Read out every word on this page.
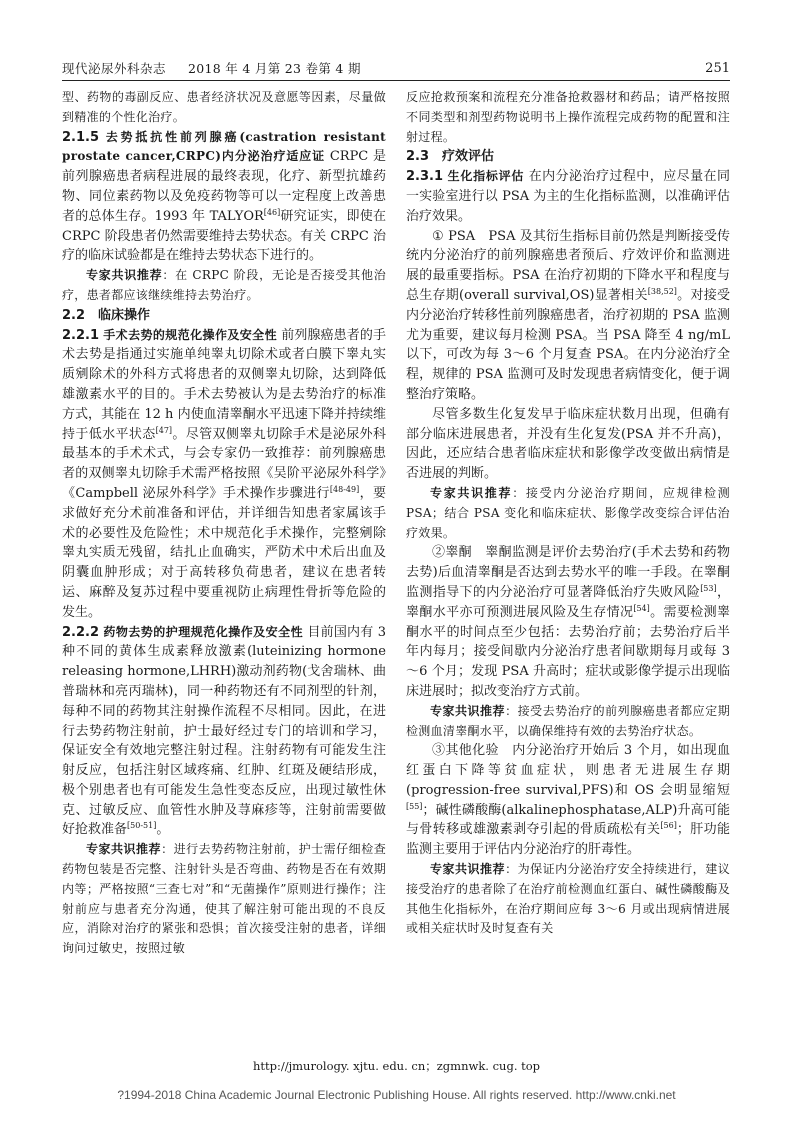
现代泌尿外科杂志 2018 年 4 月第 23 卷第 4 期	251

型、药物的毒副反应、患者经济状况及意愿等因素，尽量做到精准的个性化治疗。

2.1.5 去势抵抗性前列腺癌(castration resistant prostate cancer,CRPC)内分泌治疗适应证 CRPC 是前列腺癌患者病程进展的最终表现，化疗、新型抗雄药物、同位素药物以及免疫药物等可以一定程度上改善患者的总体生存。1993 年 TALYOR[46]研究证实，即使在 CRPC 阶段患者仍然需要维持去势状态。有关 CRPC 治疗的临床试验都是在维持去势状态下进行的。

专家共识推荐：在 CRPC 阶段，无论是否接受其他治疗，患者都应该继续维持去势治疗。

2.2　临床操作

2.2.1 手术去势的规范化操作及安全性 前列腺癌患者的手术去势是指通过实施单纯睾丸切除术或者白膜下睾丸实质剜除术的外科方式将患者的双侧睾丸切除，达到降低雄激素水平的目的。手术去势被认为是去势治疗的标准方式，其能在 12 h 内使血清睾酮水平迅速下降并持续维持于低水平状态[47]。尽管双侧睾丸切除手术是泌尿外科最基本的手术术式，与会专家仍一致推荐：前列腺癌患者的双侧睾丸切除手术需严格按照《吴阶平泌尿外科学》《Campbell 泌尿外科学》手术操作步骤进行[48-49]，要求做好充分术前准备和评估，并详细告知患者家属该手术的必要性及危险性；术中规范化手术操作，完整剜除睾丸实质无残留，结扎止血确实，严防术中术后出血及阴囊血肿形成；对于高转移负荷患者，建议在患者转运、麻醉及复苏过程中要重视防止病理性骨折等危险的发生。

2.2.2 药物去势的护理规范化操作及安全性 目前国内有 3 种不同的黄体生成素释放激素(luteinizing hormone releasing hormone,LHRH)激动剂药物(戈舍瑞林、曲普瑞林和亮丙瑞林)，同一种药物还有不同剂型的针剂，每种不同的药物其注射操作流程不尽相同。因此，在进行去势药物注射前，护士最好经过专门的培训和学习，保证安全有效地完整注射过程。注射药物有可能发生注射反应，包括注射区域疼痛、红肿、红斑及硬结形成，极个别患者也有可能发生急性变态反应，出现过敏性休克、过敏反应、血管性水肿及荨麻疹等，注射前需要做好抢救准备[50-51]。

专家共识推荐：进行去势药物注射前，护士需仔细检查药物包装是否完整、注射针头是否弯曲、药物是否在有效期内等；严格按照“三查七对”和“无菌操作”原则进行操作；注射前应与患者充分沟通，使其了解注射可能出现的不良反应，消除对治疗的紧张和恐惧；首次接受注射的患者，详细询问过敏史，按照过敏

反应抢救预案和流程充分准备抢救器材和药品；请严格按照不同类型和剂型药物说明书上操作流程完成药物的配置和注射过程。

2.3　疗效评估

2.3.1 生化指标评估 在内分泌治疗过程中，应尽量在同一实验室进行以 PSA 为主的生化指标监测，以准确评估治疗效果。

① PSA　PSA 及其衍生指标目前仍然是判断接受传统内分泌治疗的前列腺癌患者预后、疗效评价和监测进展的最重要指标。PSA 在治疗初期的下降水平和程度与总生存期(overall survival,OS)显著相关[38,52]。对接受内分泌治疗转移性前列腺癌患者，治疗初期的 PSA 监测尤为重要，建议每月检测 PSA。当 PSA 降至 4 ng/mL 以下，可改为每 3～6 个月复查 PSA。在内分泌治疗全程，规律的 PSA 监测可及时发现患者病情变化，便于调整治疗策略。

尽管多数生化复发早于临床症状数月出现，但确有部分临床进展患者，并没有生化复发(PSA 并不升高)，因此，还应结合患者临床症状和影像学改变做出病情是否进展的判断。

专家共识推荐：接受内分泌治疗期间，应规律检测 PSA；结合 PSA 变化和临床症状、影像学改变综合评估治疗效果。

②睾酮　睾酮监测是评价去势治疗(手术去势和药物去势)后血清睾酮是否达到去势水平的唯一手段。在睾酮监测指导下的内分泌治疗可显著降低治疗失败风险[53]，睾酮水平亦可预测进展风险及生存情况[54]。需要检测睾酮水平的时间点至少包括：去势治疗前；去势治疗后半年内每月；接受间歇内分泌治疗患者间歇期每月或每 3～6 个月；发现 PSA 升高时；症状或影像学提示出现临床进展时；拟改变治疗方式前。

专家共识推荐：接受去势治疗的前列腺癌患者都应定期检测血清睾酮水平，以确保维持有效的去势治疗状态。

③其他化验　内分泌治疗开始后 3 个月，如出现血红蛋白下降等贫血症状，则患者无进展生存期(progression-free survival,PFS)和 OS 会明显缩短[55]；碱性磷酸酶(alkalinephosphatase,ALP)升高可能与骨转移或雄激素剥夺引起的骨质疏松有关[56]；肝功能监测主要用于评估内分泌治疗的肝毒性。

专家共识推荐：为保证内分泌治疗安全持续进行，建议接受治疗的患者除了在治疗前检测血红蛋白、碱性磷酸酶及其他生化指标外，在治疗期间应每 3～6 月或出现病情进展或相关症状时及时复查有关

http://jmurology. xjtu. edu. cn；zgmnwk. cug. top
?1994-2018 China Academic Journal Electronic Publishing House. All rights reserved. http://www.cnki.net
